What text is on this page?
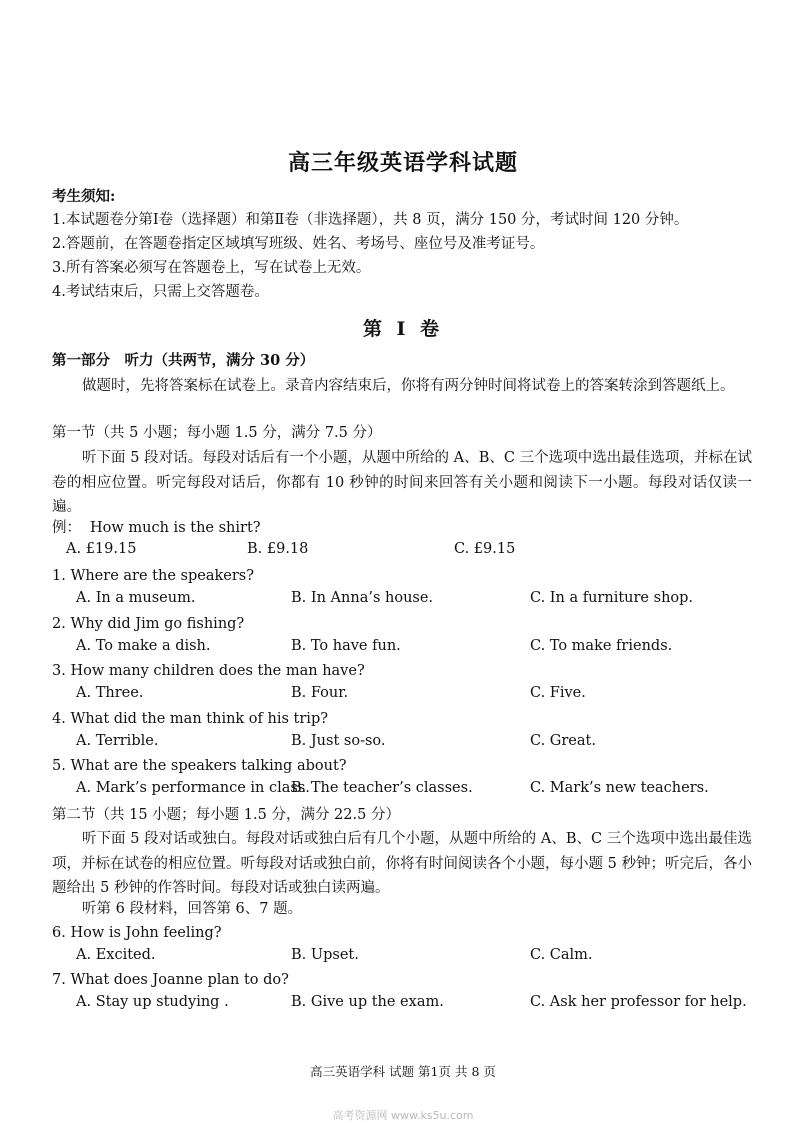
高三年级英语学科试题
考生须知:
1.本试题卷分第Ⅰ卷（选择题）和第Ⅱ卷（非选择题），共 8 页，满分 150 分，考试时间 120 分钟。
2.答题前，在答题卷指定区域填写班级、姓名、考场号、座位号及准考证号。
3.所有答案必须写在答题卷上，写在试卷上无效。
4.考试结束后，只需上交答题卷。
第 I 卷
第一部分　听力（共两节，满分 30 分）
做题时，先将答案标在试卷上。录音内容结束后，你将有两分钟时间将试卷上的答案转涂到答题纸上。
第一节（共 5 小题；每小题 1.5 分，满分 7.5 分）
听下面 5 段对话。每段对话后有一个小题，从题中所给的 A、B、C 三个选项中选出最佳选项，并标在试卷的相应位置。听完每段对话后，你都有 10 秒钟的时间来回答有关小题和阅读下一小题。每段对话仅读一遍。
例： How much is the shirt?
A. £19.15	B. £9.18	C. £9.15
1. Where are the speakers?
A. In a museum.	B. In Anna’s house.	C. In a furniture shop.
2. Why did Jim go fishing?
A. To make a dish.	B. To have fun.	C. To make friends.
3. How many children does the man have?
A. Three.	B. Four.	C. Five.
4. What did the man think of his trip?
A. Terrible.	B. Just so-so.	C. Great.
5. What are the speakers talking about?
A. Mark’s performance in class.
B. The teacher’s classes.	C. Mark’s new teachers.
第二节（共 15 小题；每小题 1.5 分，满分 22.5 分）
听下面 5 段对话或独白。每段对话或独白后有几个小题，从题中所给的 A、B、C 三个选项中选出最佳选项，并标在试卷的相应位置。听每段对话或独白前，你将有时间阅读各个小题，每小题 5 秒钟；听完后，各小题给出 5 秒钟的作答时间。每段对话或独白读两遍。
听第 6 段材料，回答第 6、7 题。
6. How is John feeling?
A. Excited.	B. Upset.	C. Calm.
7. What does Joanne plan to do?
A. Stay up studying .	B. Give up the exam.	C. Ask her professor for help.
高三英语学科 试题 第1页 共 8 页
高考资源网 www.ks5u.com
